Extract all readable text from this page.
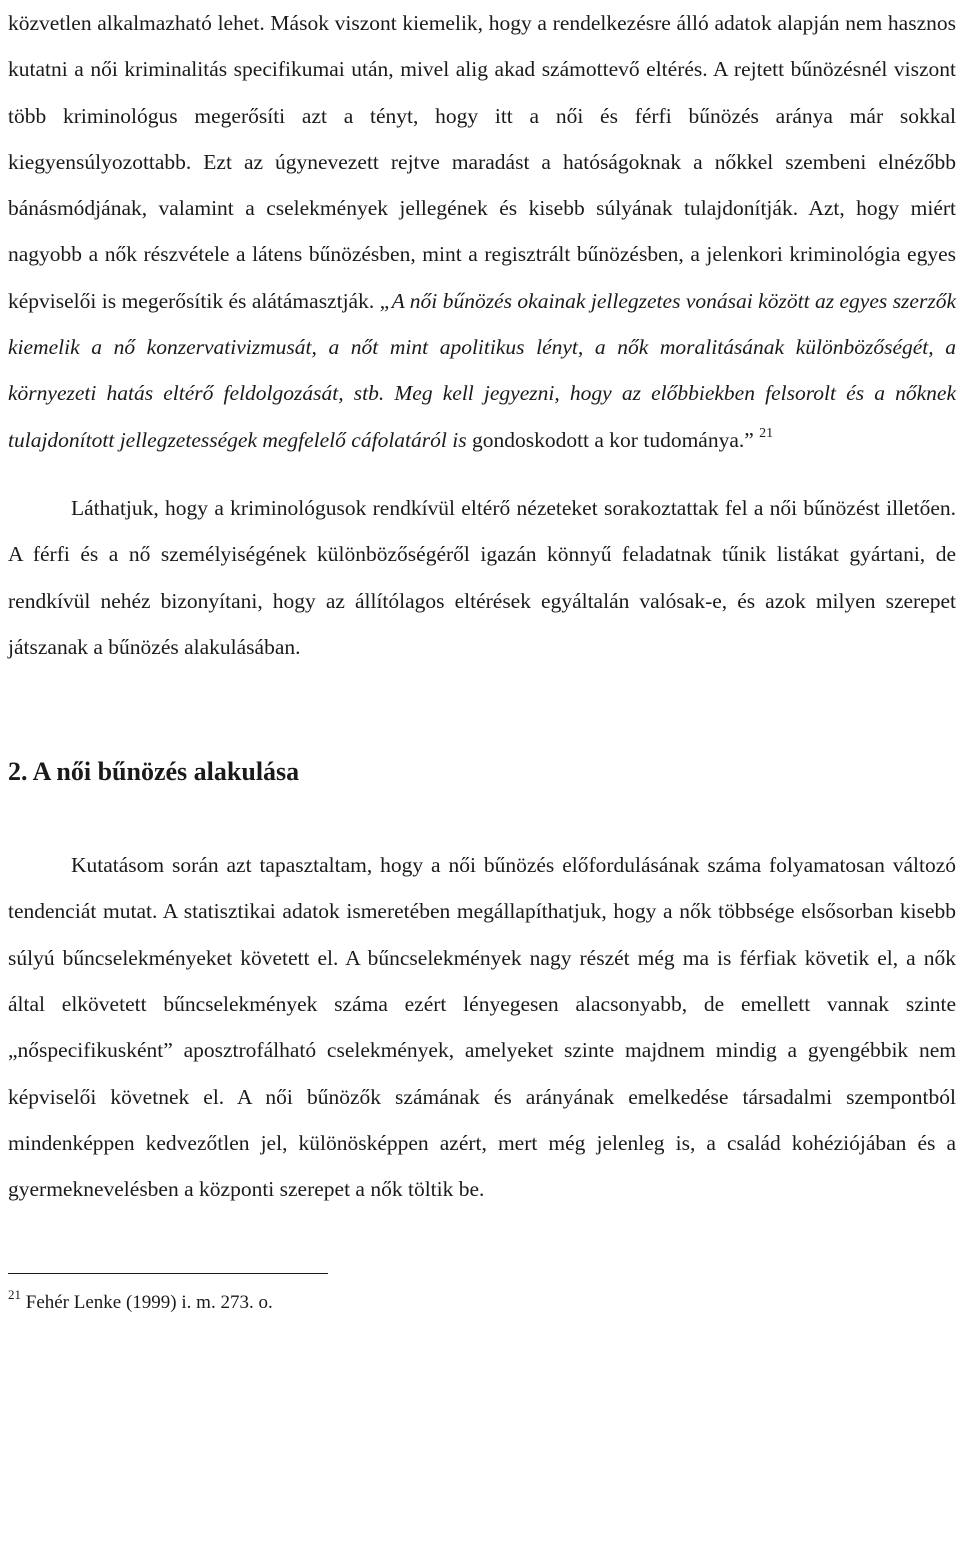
közvetlen alkalmazható lehet. Mások viszont kiemelik, hogy a rendelkezésre álló adatok alapján nem hasznos kutatni a női kriminalitás specifikumai után, mivel alig akad számottevő eltérés. A rejtett bűnözésnél viszont több kriminológus megerősíti azt a tényt, hogy itt a női és férfi bűnözés aránya már sokkal kiegyensúlyozottabb. Ezt az úgynevezett rejtve maradást a hatóságoknak a nőkkel szembeni elnézőbb bánásmódjának, valamint a cselekmények jellegének és kisebb súlyának tulajdonítják. Azt, hogy miért nagyobb a nők részvétele a látens bűnözésben, mint a regisztrált bűnözésben, a jelenkori kriminológia egyes képviselői is megerősítik és alátámasztják. „A női bűnözés okainak jellegzetes vonásai között az egyes szerzők kiemelik a nő konzervativizmusát, a nőt mint apolitikus lényt, a nők moralitásának különbözőségét, a környezeti hatás eltérő feldolgozását, stb. Meg kell jegyezni, hogy az előbbiekben felsorolt és a nőknek tulajdonított jellegzetességek megfelelő cáfolatáról is gondoskodott a kor tudománya.” $^{21}$

Láthatjuk, hogy a kriminológusok rendkívül eltérő nézeteket sorakoztattak fel a női bűnözést illetően. A férfi és a nő személyiségének különbözőségéről igazán könnyű feladatnak tűnik listákat gyártani, de rendkívül nehéz bizonyítani, hogy az állítólagos eltérések egyáltalán valósak-e, és azok milyen szerepet játszanak a bűnözés alakulásában.

2. A női bűnözés alakulása

Kutatásom során azt tapasztaltam, hogy a női bűnözés előfordulásának száma folyamatosan változó tendenciát mutat. A statisztikai adatok ismeretében megállapíthatjuk, hogy a nők többsége elsősorban kisebb súlyú bűncselekményeket követett el. A bűncselekmények nagy részét még ma is férfiak követik el, a nők által elkövetett bűncselekmények száma ezért lényegesen alacsonyabb, de emellett vannak szinte „nőspecifikusként” aposztrofálható cselekmények, amelyeket szinte majdnem mindig a gyengébbik nem képviselői követnek el. A női bűnözők számának és arányának emelkedése társadalmi szempontból mindenképpen kedvezőtlen jel, különösképpen azért, mert még jelenleg is, a család kohéziójában és a gyermeknevelésben a központi szerepet a nők töltik be.

$^{21}$ Fehér Lenke (1999) i. m. 273. o.
